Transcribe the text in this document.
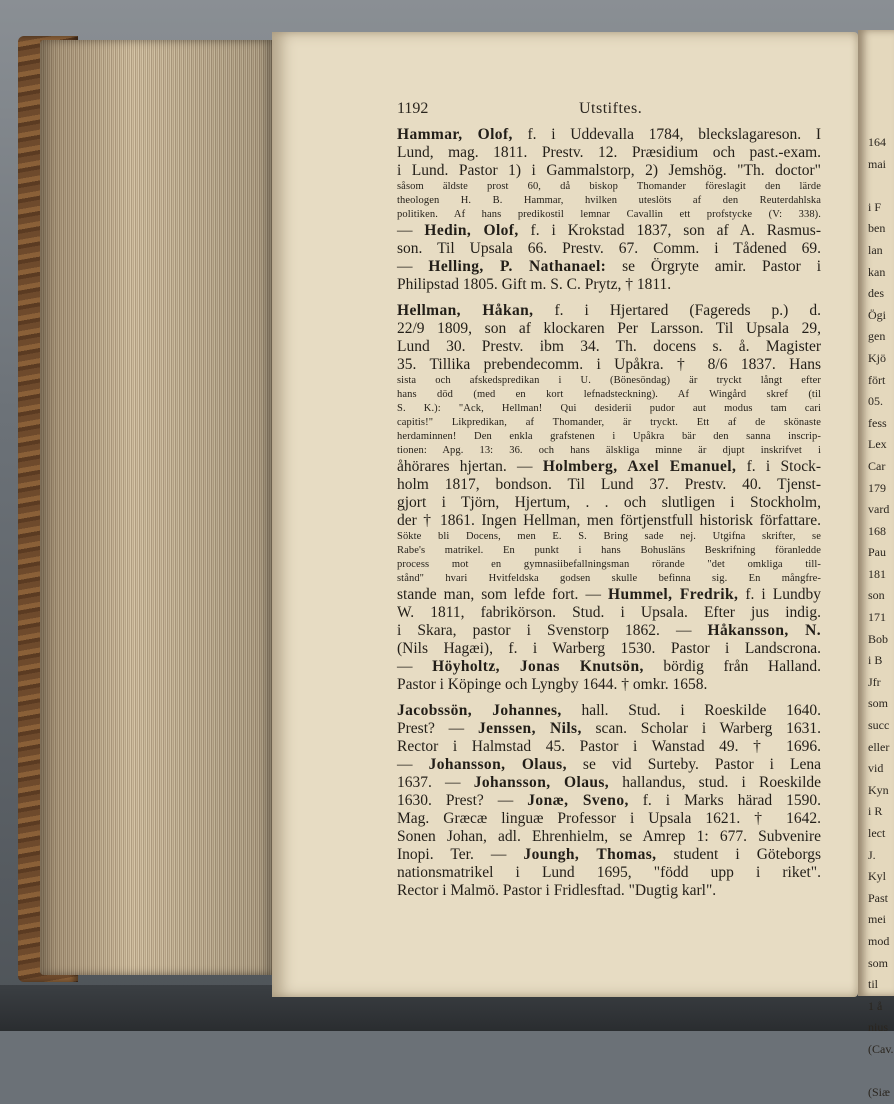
1192	Utstiftes.
Hammar, Olof, f. i Uddevalla 1784, bleckslagareson. I
Lund, mag. 1811. Prestv. 12. Præsidium och past.-exam.
i Lund. Pastor 1) i Gammalstorp, 2) Jemshög. "Th. doctor"
såsom äldste prost 60, då biskop Thomander föreslagit den lärde
theologen H. B. Hammar, hvilken uteslöts af den Reuterdahlska
politiken. Af hans predikostil lemnar Cavallin ett profstycke (V: 338).
— Hedin, Olof, f. i Krokstad 1837, son af A. Rasmus-
son. Til Upsala 66. Prestv. 67. Comm. i Tådened 69.
— Helling, P. Nathanael: se Örgryte amir. Pastor i
Philipstad 1805. Gift m. S. C. Prytz, † 1811.
Hellman, Håkan, f. i Hjertared (Fagereds p.) d.
22/9 1809, son af klockaren Per Larsson. Til Upsala 29,
Lund 30. Prestv. ibm 34. Th. docens s. å. Magister
35. Tillika prebendecomm. i Upåkra. † 8/6 1837. Hans
sista och afskedspredikan i U. (Bönesöndag) är tryckt långt efter
hans död (med en kort lefnadsteckning). Af Wingård skref (til
S. K.): "Ack, Hellman! Qui desiderii pudor aut modus tam cari
capitis!" Likpredikan, af Thomander, är tryckt. Ett af de skönaste
herdaminnen! Den enkla grafstenen i Upåkra bär den sanna inscrip-
tionen: Apg. 13: 36. och hans älskliga minne är djupt inskrifvet i
åhörares hjertan. — Holmberg, Axel Emanuel, f. i Stock-
holm 1817, bondson. Til Lund 37. Prestv. 40. Tjenst-
gjort i Tjörn, Hjertum, . . och slutligen i Stockholm,
der † 1861. Ingen Hellman, men förtjenstfull historisk författare.
Sökte bli Docens, men E. S. Bring sade nej. Utgifna skrifter, se
Rabe's matrikel. En punkt i hans Bohusläns Beskrifning föranledde
process mot en gymnasiibefallningsman rörande "det omkliga till-
stånd" hvari Hvitfeldska godsen skulle befinna sig. En mångfre-
stande man, som lefde fort. — Hummel, Fredrik, f. i Lundby
W. 1811, fabrikörson. Stud. i Upsala. Efter jus indig.
i Skara, pastor i Svenstorp 1862. — Håkansson, N.
(Nils Hagæi), f. i Warberg 1530. Pastor i Landscrona.
— Höyholtz, Jonas Knutsön, bördig från Halland.
Pastor i Köpinge och Lyngby 1644. † omkr. 1658.
Jacobssön, Johannes, hall. Stud. i Roeskilde 1640.
Prest? — Jenssen, Nils, scan. Scholar i Warberg 1631.
Rector i Halmstad 45. Pastor i Wanstad 49. † 1696.
— Johansson, Olaus, se vid Surteby. Pastor i Lena
1637. — Johansson, Olaus, hallandus, stud. i Roeskilde
1630. Prest? — Jonæ, Sveno, f. i Marks härad 1590.
Mag. Græcæ linguæ Professor i Upsala 1621. † 1642.
Sonen Johan, adl. Ehrenhielm, se Amrep 1: 677. Subvenire
Inopi. Ter. — Joungh, Thomas, student i Göteborgs
nationsmatrikel i Lund 1695, "född upp i riket".
Rector i Malmö. Pastor i Fridlesftad. "Dugtig karl".
164
mai
i F
ben
lan
kan
des
Ögi
gen
Kjö
fört
05.
fess
Lex
Car
179
vard
168
Pau
181
son
171
Bob
i B
Jfr
som
succ
eller
vid
Kyn
i R
lect
J.
Kyl
Past
mei
mod
som
til
1 å
nius
(Cav.
(Siæ
